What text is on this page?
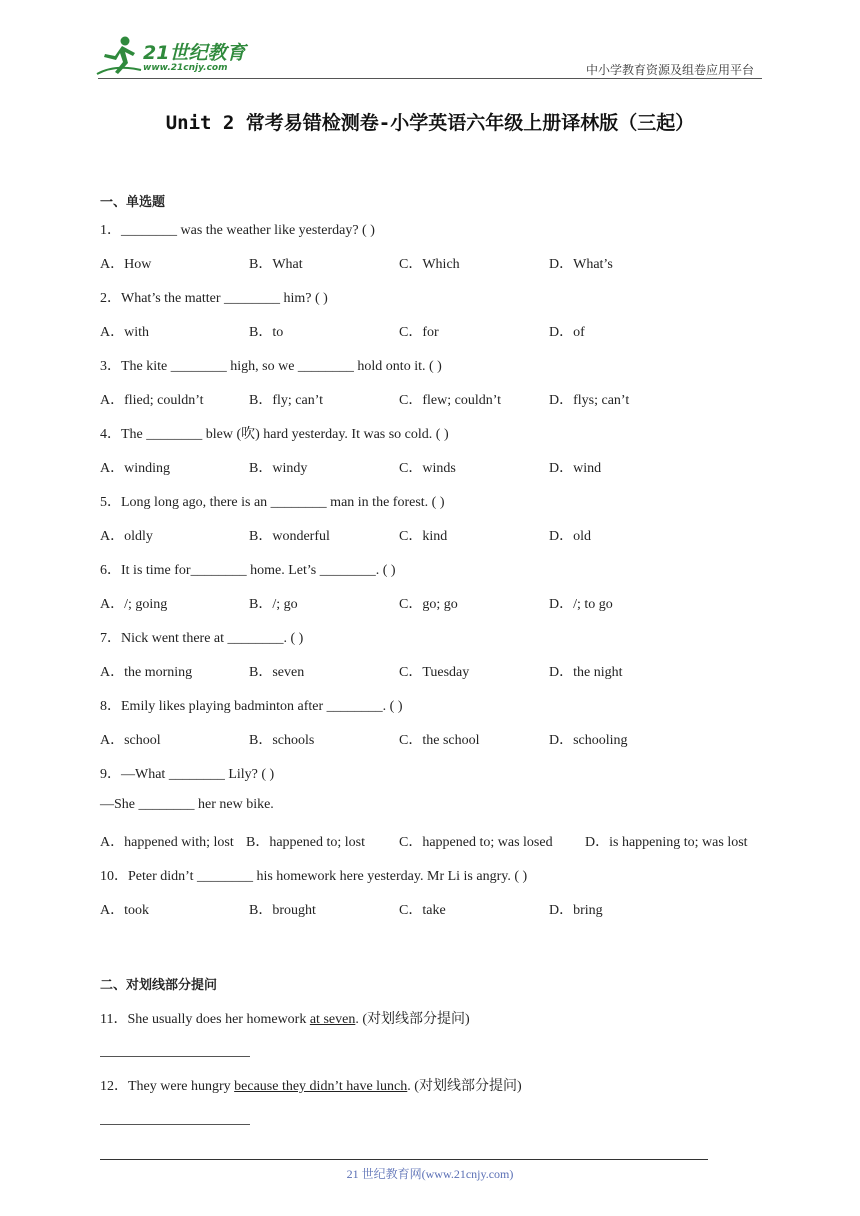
21世纪教育
www.21cnjy.com	中小学教育资源及组卷应用平台
Unit 2 常考易错检测卷-小学英语六年级上册译林版（三起）
一、单选题
1．________ was the weather like yesterday? ( )
A．How	B．What	C．Which	D．What’s
2．What’s the matter ________ him? ( )
A．with	B．to	C．for	D．of
3．The kite ________ high, so we ________ hold onto it. ( )
A．flied; couldn’t	B．fly; can’t	C．flew; couldn’t	D．flys; can’t
4．The ________ blew (吹) hard yesterday. It was so cold. ( )
A．winding	B．windy	C．winds	D．wind
5．Long long ago, there is an ________ man in the forest. ( )
A．oldly	B．wonderful	C．kind	D．old
6．It is time for________ home. Let’s ________. ( )
A．/; going	B．/; go	C．go; go	D．/; to go
7．Nick went there at ________. ( )
A．the morning	B．seven	C．Tuesday	D．the night
8．Emily likes playing badminton after ________. ( )
A．school	B．schools	C．the school	D．schooling
9．—What ________ Lily? ( )
—She ________ her new bike.
A．happened with; lost B．happened to; lost C．happened to; was losed D．is happening to; was lost
10．Peter didn’t ________ his homework here yesterday. Mr Li is angry. ( )
A．took	B．brought	C．take	D．bring
二、对划线部分提问
11．She usually does her homework at seven. (对划线部分提问)
12．They were hungry because they didn’t have lunch. (对划线部分提问)
21 世纪教育网(www.21cnjy.com)
